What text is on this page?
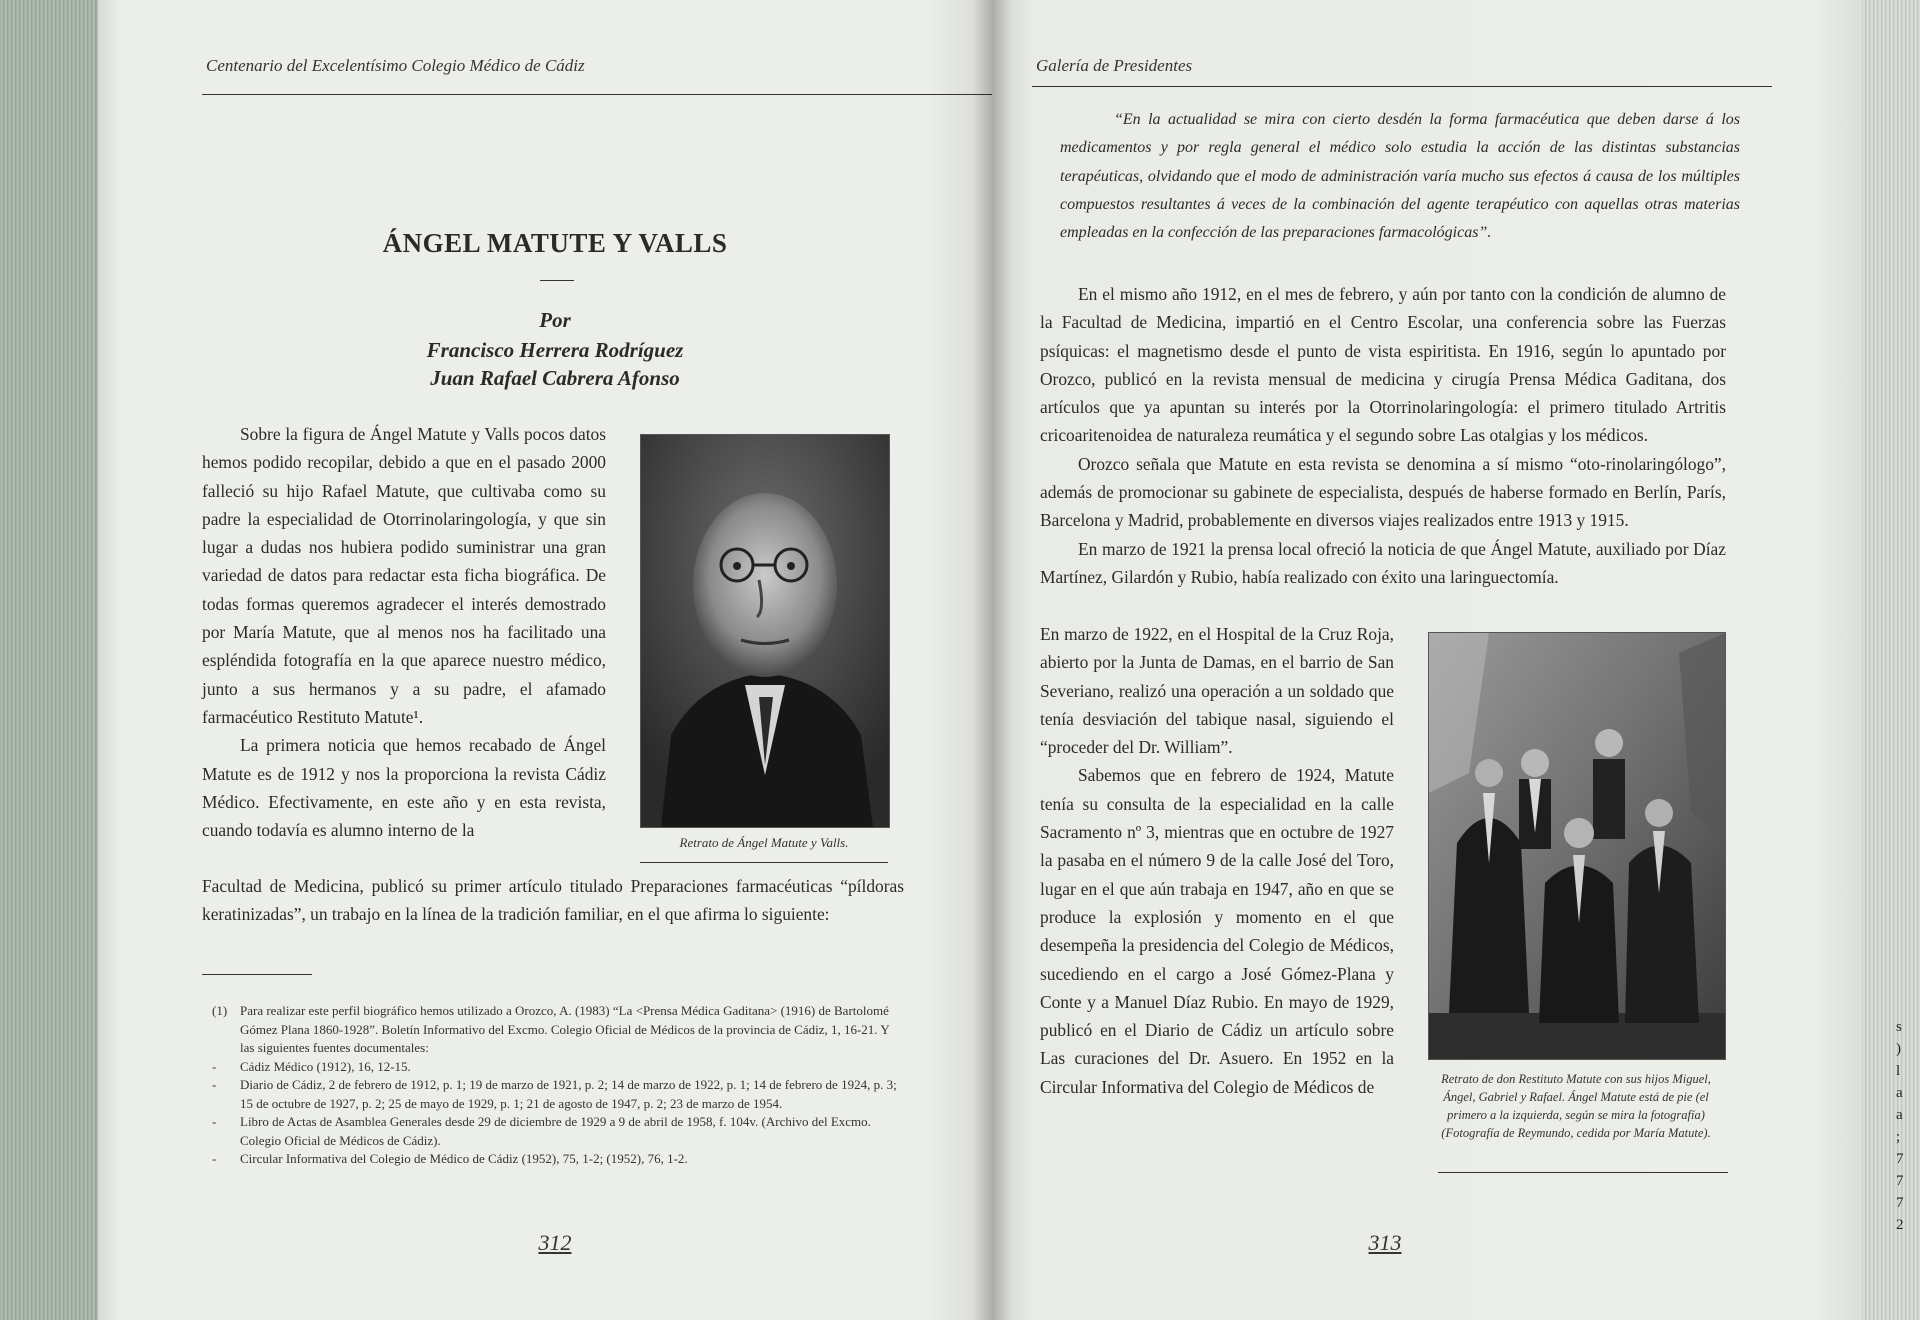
Centenario del Excelentísimo Colegio Médico de Cádiz
ÁNGEL MATUTE Y VALLS
Por
Francisco Herrera Rodríguez
Juan Rafael Cabrera Afonso

Sobre la figura de Ángel Matute y Valls pocos datos hemos podido recopilar, debido a que en el pasado 2000 falleció su hijo Rafael Matute, que cultivaba como su padre la especialidad de Otorrinolaringología, y que sin lugar a dudas nos hubiera podido suministrar una gran variedad de datos para redactar esta ficha biográfica. De todas formas queremos agradecer el interés demostrado por María Matute, que al menos nos ha facilitado una espléndida fotografía en la que aparece nuestro médico, junto a sus hermanos y a su padre, el afamado farmacéutico Restituto Matute¹.

La primera noticia que hemos recabado de Ángel Matute es de 1912 y nos la proporciona la revista Cádiz Médico. Efectivamente, en este año y en esta revista, cuando todavía es alumno interno de la

Retrato de Ángel Matute y Valls.

Facultad de Medicina, publicó su primer artículo titulado Preparaciones farmacéuticas “píldoras keratinizadas”, un trabajo en la línea de la tradición familiar, en el que afirma lo siguiente:

(1) Para realizar este perfil biográfico hemos utilizado a Orozco, A. (1983) “La <Prensa Médica Gaditana> (1916) de Bartolomé Gómez Plana 1860-1928”. Boletín Informativo del Excmo. Colegio Oficial de Médicos de la provincia de Cádiz, 1, 16-21. Y las siguientes fuentes documentales:
- Cádiz Médico (1912), 16, 12-15.
- Diario de Cádiz, 2 de febrero de 1912, p. 1; 19 de marzo de 1921, p. 2; 14 de marzo de 1922, p. 1; 14 de febrero de 1924, p. 3; 15 de octubre de 1927, p. 2; 25 de mayo de 1929, p. 1; 21 de agosto de 1947, p. 2; 23 de marzo de 1954.
- Libro de Actas de Asamblea Generales desde 29 de diciembre de 1929 a 9 de abril de 1958, f. 104v. (Archivo del Excmo. Colegio Oficial de Médicos de Cádiz).
- Circular Informativa del Colegio de Médico de Cádiz (1952), 75, 1-2; (1952), 76, 1-2.
312
Galería de Presidentes

“En la actualidad se mira con cierto desdén la forma farmacéutica que deben darse á los medicamentos y por regla general el médico solo estudia la acción de las distintas substancias terapéuticas, olvidando que el modo de administración varía mucho sus efectos á causa de los múltiples compuestos resultantes á veces de la combinación del agente terapéutico con aquellas otras materias empleadas en la confección de las preparaciones farmacológicas”.

En el mismo año 1912, en el mes de febrero, y aún por tanto con la condición de alumno de la Facultad de Medicina, impartió en el Centro Escolar, una conferencia sobre las Fuerzas psíquicas: el magnetismo desde el punto de vista espiritista. En 1916, según lo apuntado por Orozco, publicó en la revista mensual de medicina y cirugía Prensa Médica Gaditana, dos artículos que ya apuntan su interés por la Otorrinolaringología: el primero titulado Artritis cricoaritenoidea de naturaleza reumática y el segundo sobre Las otalgias y los médicos.

Orozco señala que Matute en esta revista se denomina a sí mismo “oto-rinolaringólogo”, además de promocionar su gabinete de especialista, después de haberse formado en Berlín, París, Barcelona y Madrid, probablemente en diversos viajes realizados entre 1913 y 1915.

En marzo de 1921 la prensa local ofreció la noticia de que Ángel Matute, auxiliado por Díaz Martínez, Gilardón y Rubio, había realizado con éxito una laringuectomía.

En marzo de 1922, en el Hospital de la Cruz Roja, abierto por la Junta de Damas, en el barrio de San Severiano, realizó una operación a un soldado que tenía desviación del tabique nasal, siguiendo el “proceder del Dr. William”.

Sabemos que en febrero de 1924, Matute tenía su consulta de la especialidad en la calle Sacramento nº 3, mientras que en octubre de 1927 la pasaba en el número 9 de la calle José del Toro, lugar en el que aún trabaja en 1947, año en que se produce la explosión y momento en el que desempeña la presidencia del Colegio de Médicos, sucediendo en el cargo a José Gómez-Plana y Conte y a Manuel Díaz Rubio. En mayo de 1929, publicó en el Diario de Cádiz un artículo sobre Las curaciones del Dr. Asuero. En 1952 en la Circular Informativa del Colegio de Médicos de	Retrato de don Restituto Matute con sus hijos Miguel, Ángel, Gabriel y Rafael. Ángel Matute está de pie (el primero a la izquierda, según se mira la fotografía) (Fotografía de Reymundo, cedida por María Matute).
313
s
)
l
a
a
;
7
7
7
2
